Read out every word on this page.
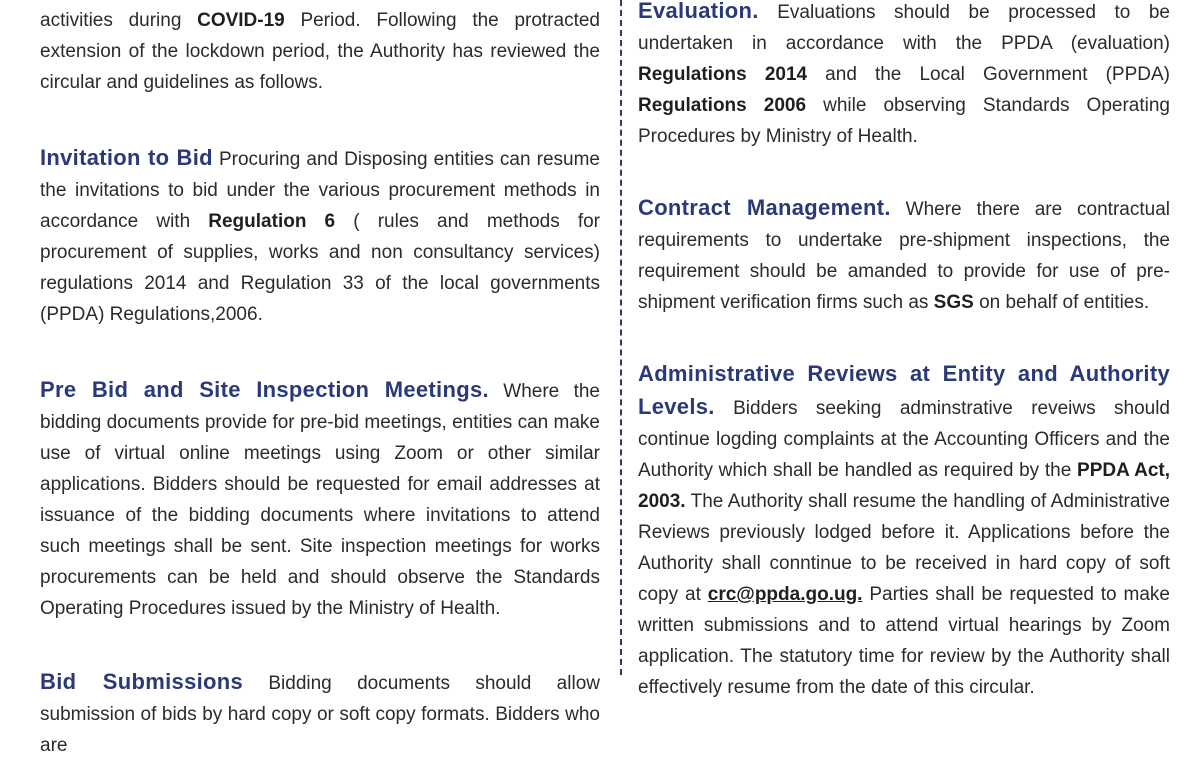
activities during COVID-19 Period. Following the protracted extension of the lockdown period, the Authority has reviewed the circular and guidelines as follows.

Invitation to Bid Procuring and Disposing entities can resume the invitations to bid under the various procurement methods in accordance with Regulation 6 ( rules and methods for procurement of supplies, works and non consultancy services) regulations 2014 and Regulation 33 of the local governments (PPDA) Regulations,2006.

Pre Bid and Site Inspection Meetings. Where the bidding documents provide for pre-bid meetings, entities can make use of virtual online meetings using Zoom or other similar applications. Bidders should be requested for email addresses at issuance of the bidding documents where invitations to attend such meetings shall be sent. Site inspection meetings for works procurements can be held and should observe the Standards Operating Procedures issued by the Ministry of Health.

Bid Submissions Bidding documents should allow submission of bids by hard copy or soft copy formats. Bidders who are

Evaluation. Evaluations should be processed to be undertaken in accordance with the PPDA (evaluation) Regulations 2014 and the Local Government (PPDA) Regulations 2006 while observing Standards Operating Procedures by Ministry of Health.

Contract Management. Where there are contractual requirements to undertake pre-shipment inspections, the requirement should be amanded to provide for use of pre-shipment verification firms such as SGS on behalf of entities.

Administrative Reviews at Entity and Authority Levels. Bidders seeking adminstrative reveiws should continue logding complaints at the Accounting Officers and the Authority which shall be handled as required by the PPDA Act, 2003. The Authority shall resume the handling of Administrative Reviews previously lodged before it. Applications before the Authority shall conntinue to be received in hard copy of soft copy at crc@ppda.go.ug. Parties shall be requested to make written submissions and to attend virtual hearings by Zoom application. The statutory time for review by the Authority shall effectively resume from the date of this circular.
